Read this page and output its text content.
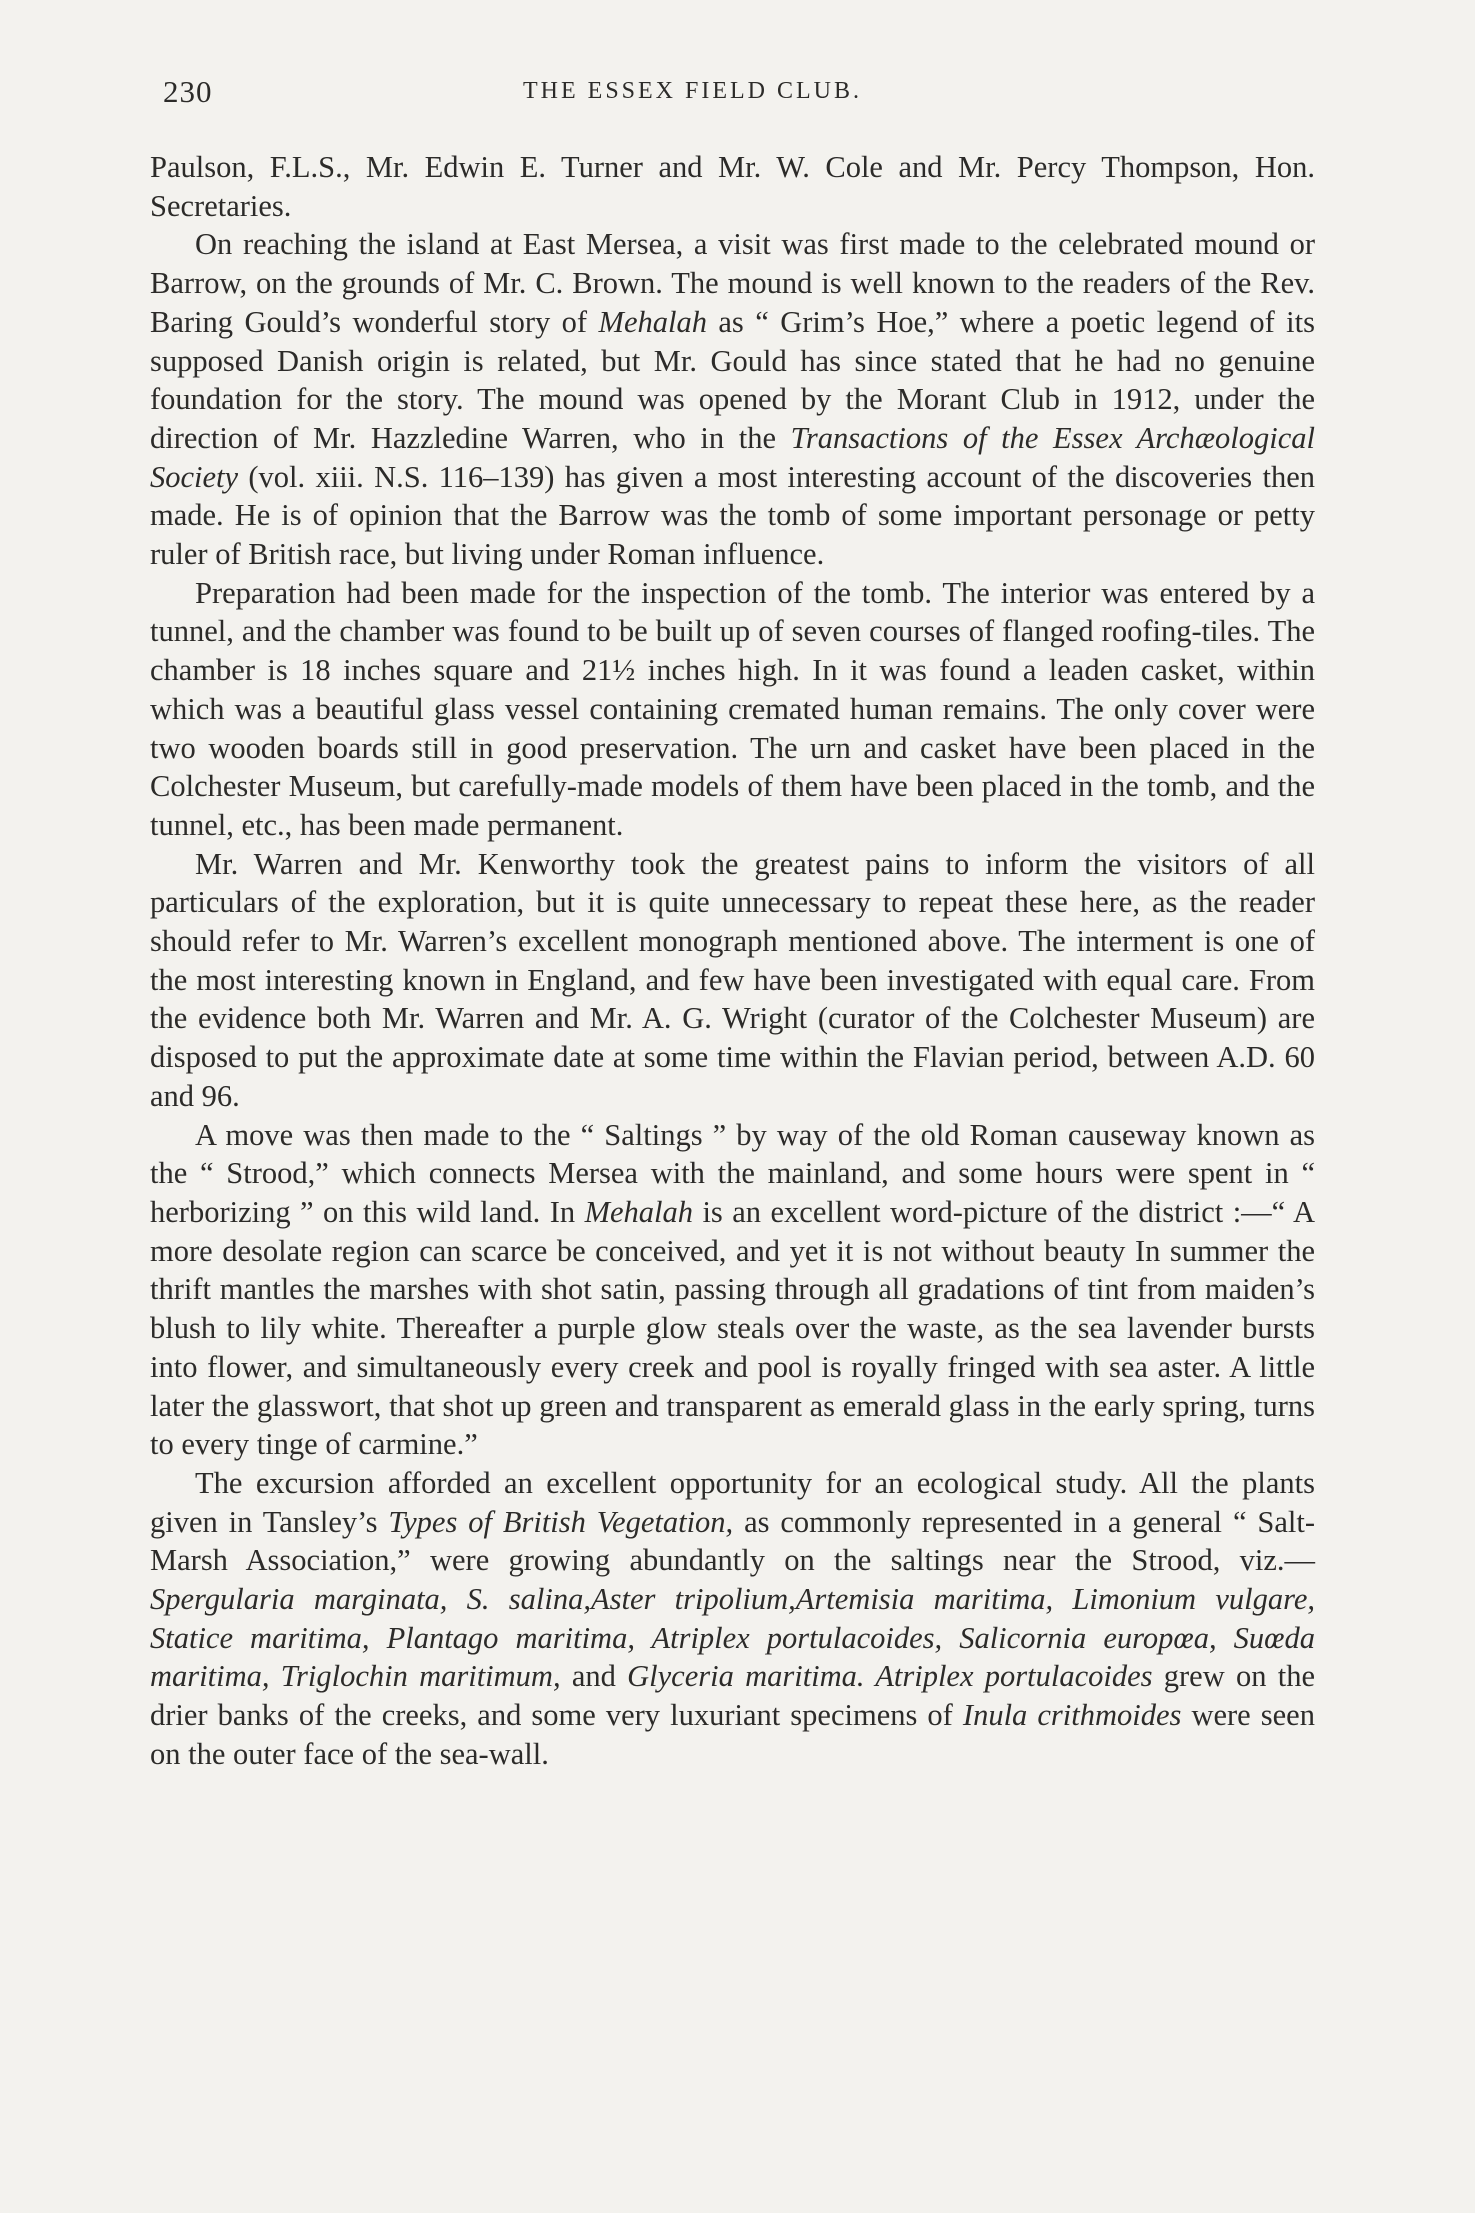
230	THE ESSEX FIELD CLUB.

Paulson, F.L.S., Mr. Edwin E. Turner and Mr. W. Cole and Mr. Percy Thompson, Hon. Secretaries.

On reaching the island at East Mersea, a visit was first made to the celebrated mound or Barrow, on the grounds of Mr. C. Brown. The mound is well known to the readers of the Rev. Baring Gould’s wonderful story of Mehalah as “ Grim’s Hoe,” where a poetic legend of its supposed Danish origin is related, but Mr. Gould has since stated that he had no genuine foundation for the story. The mound was opened by the Morant Club in 1912, under the direction of Mr. Hazzledine Warren, who in the Transactions of the Essex Archæological Society (vol. xiii. N.S. 116–139) has given a most interesting account of the discoveries then made. He is of opinion that the Barrow was the tomb of some important personage or petty ruler of British race, but living under Roman influence.

Preparation had been made for the inspection of the tomb. The interior was entered by a tunnel, and the chamber was found to be built up of seven courses of flanged roofing-tiles. The chamber is 18 inches square and 21½ inches high. In it was found a leaden casket, within which was a beautiful glass vessel containing cremated human remains. The only cover were two wooden boards still in good preservation. The urn and casket have been placed in the Colchester Museum, but carefully-made models of them have been placed in the tomb, and the tunnel, etc., has been made permanent.

Mr. Warren and Mr. Kenworthy took the greatest pains to inform the visitors of all particulars of the exploration, but it is quite unnecessary to repeat these here, as the reader should refer to Mr. Warren’s excellent monograph mentioned above. The interment is one of the most interesting known in England, and few have been investigated with equal care. From the evidence both Mr. Warren and Mr. A. G. Wright (curator of the Colchester Museum) are disposed to put the approximate date at some time within the Flavian period, between A.D. 60 and 96.

A move was then made to the “ Saltings ” by way of the old Roman causeway known as the “ Strood,” which connects Mersea with the mainland, and some hours were spent in “ herborizing ” on this wild land. In Mehalah is an excellent word-picture of the district :—“ A more desolate region can scarce be conceived, and yet it is not without beauty In summer the thrift mantles the marshes with shot satin, passing through all gradations of tint from maiden’s blush to lily white. Thereafter a purple glow steals over the waste, as the sea lavender bursts into flower, and simultaneously every creek and pool is royally fringed with sea aster. A little later the glasswort, that shot up green and transparent as emerald glass in the early spring, turns to every tinge of carmine.”

The excursion afforded an excellent opportunity for an ecological study. All the plants given in Tansley’s Types of British Vegetation, as commonly represented in a general “ Salt-Marsh Association,” were growing abundantly on the saltings near the Strood, viz.—Spergularia marginata, S. salina,Aster tripolium,Artemisia maritima, Limonium vulgare, Statice maritima, Plantago maritima, Atriplex portulacoides, Salicornia europœa, Suœda maritima, Triglochin maritimum, and Glyceria maritima. Atriplex portulacoides grew on the drier banks of the creeks, and some very luxuriant specimens of Inula crithmoides were seen on the outer face of the sea-wall.
